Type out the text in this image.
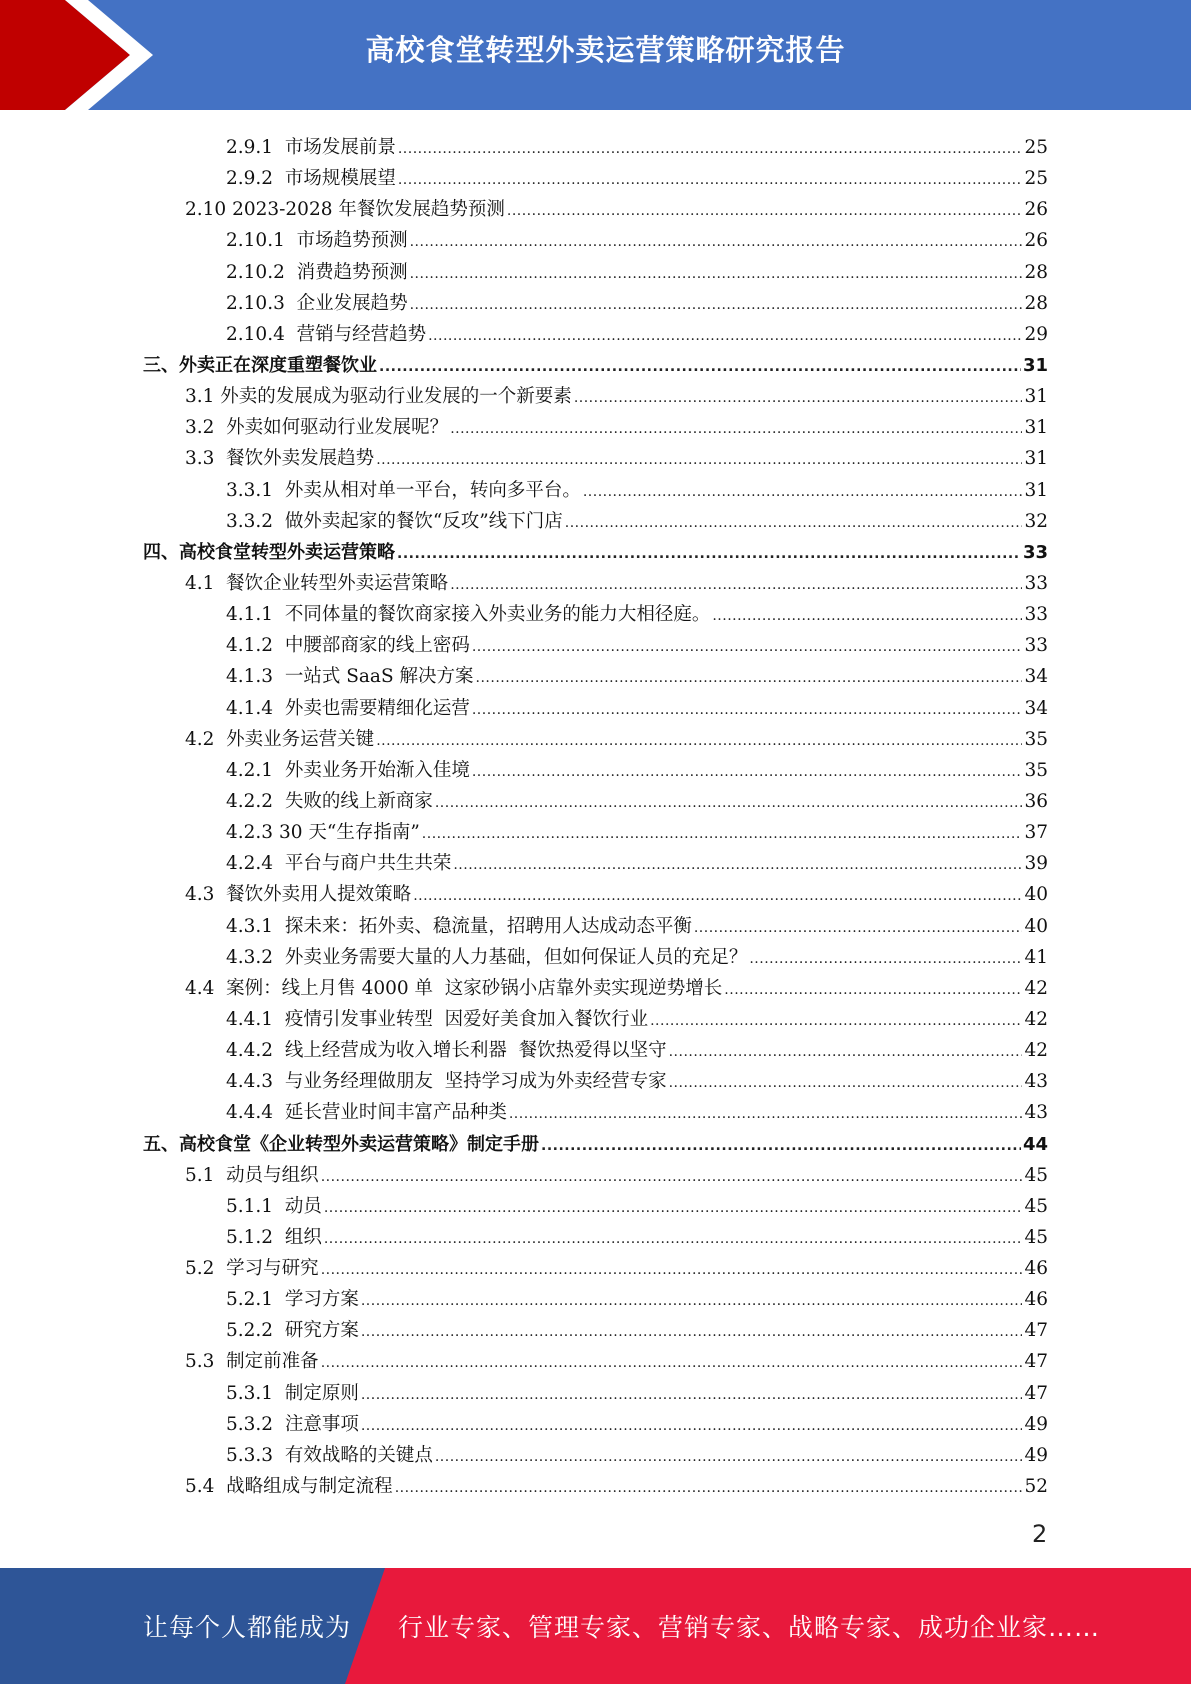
高校食堂转型外卖运营策略研究报告
2.9.1  市场发展前景 .....	25
2.9.2  市场规模展望 .....	25
2.10 2023-2028 年餐饮发展趋势预测 .....	26
2.10.1  市场趋势预测 .....	26
2.10.2  消费趋势预测 .....	28
2.10.3  企业发展趋势 .....	28
2.10.4  营销与经营趋势 .....	29
三、外卖正在深度重塑餐饮业 .....	31
3.1 外卖的发展成为驱动行业发展的一个新要素 .....	31
3.2  外卖如何驱动行业发展呢？ .....	31
3.3  餐饮外卖发展趋势 .....	31
3.3.1  外卖从相对单一平台，转向多平台。 .....	31
3.3.2  做外卖起家的餐饮“反攻”线下门店 .....	32
四、高校食堂转型外卖运营策略 .....	33
4.1  餐饮企业转型外卖运营策略 .....	33
4.1.1  不同体量的餐饮商家接入外卖业务的能力大相径庭。 .....	33
4.1.2  中腰部商家的线上密码 .....	33
4.1.3  一站式 SaaS 解决方案 .....	34
4.1.4  外卖也需要精细化运营 .....	34
4.2  外卖业务运营关键 .....	35
4.2.1  外卖业务开始渐入佳境 .....	35
4.2.2  失败的线上新商家 .....	36
4.2.3 30 天“生存指南” .....	37
4.2.4  平台与商户共生共荣 .....	39
4.3  餐饮外卖用人提效策略 .....	40
4.3.1  探未来：拓外卖、稳流量，招聘用人达成动态平衡 .....	40
4.3.2  外卖业务需要大量的人力基础，但如何保证人员的充足？ .....	41
4.4  案例：线上月售 4000 单  这家砂锅小店靠外卖实现逆势增长 .....	42
4.4.1  疫情引发事业转型  因爱好美食加入餐饮行业 .....	42
4.4.2  线上经营成为收入增长利器  餐饮热爱得以坚守 .....	42
4.4.3  与业务经理做朋友  坚持学习成为外卖经营专家 .....	43
4.4.4  延长营业时间丰富产品种类 .....	43
五、高校食堂《企业转型外卖运营策略》制定手册 .....	44
5.1  动员与组织 .....	45
5.1.1  动员 .....	45
5.1.2  组织 .....	45
5.2  学习与研究 .....	46
5.2.1  学习方案 .....	46
5.2.2  研究方案 .....	47
5.3  制定前准备 .....	47
5.3.1  制定原则 .....	47
5.3.2  注意事项 .....	49
5.3.3  有效战略的关键点 .....	49
5.4  战略组成与制定流程 .....	52
2
让每个人都能成为 行业专家、管理专家、营销专家、战略专家、成功企业家……
